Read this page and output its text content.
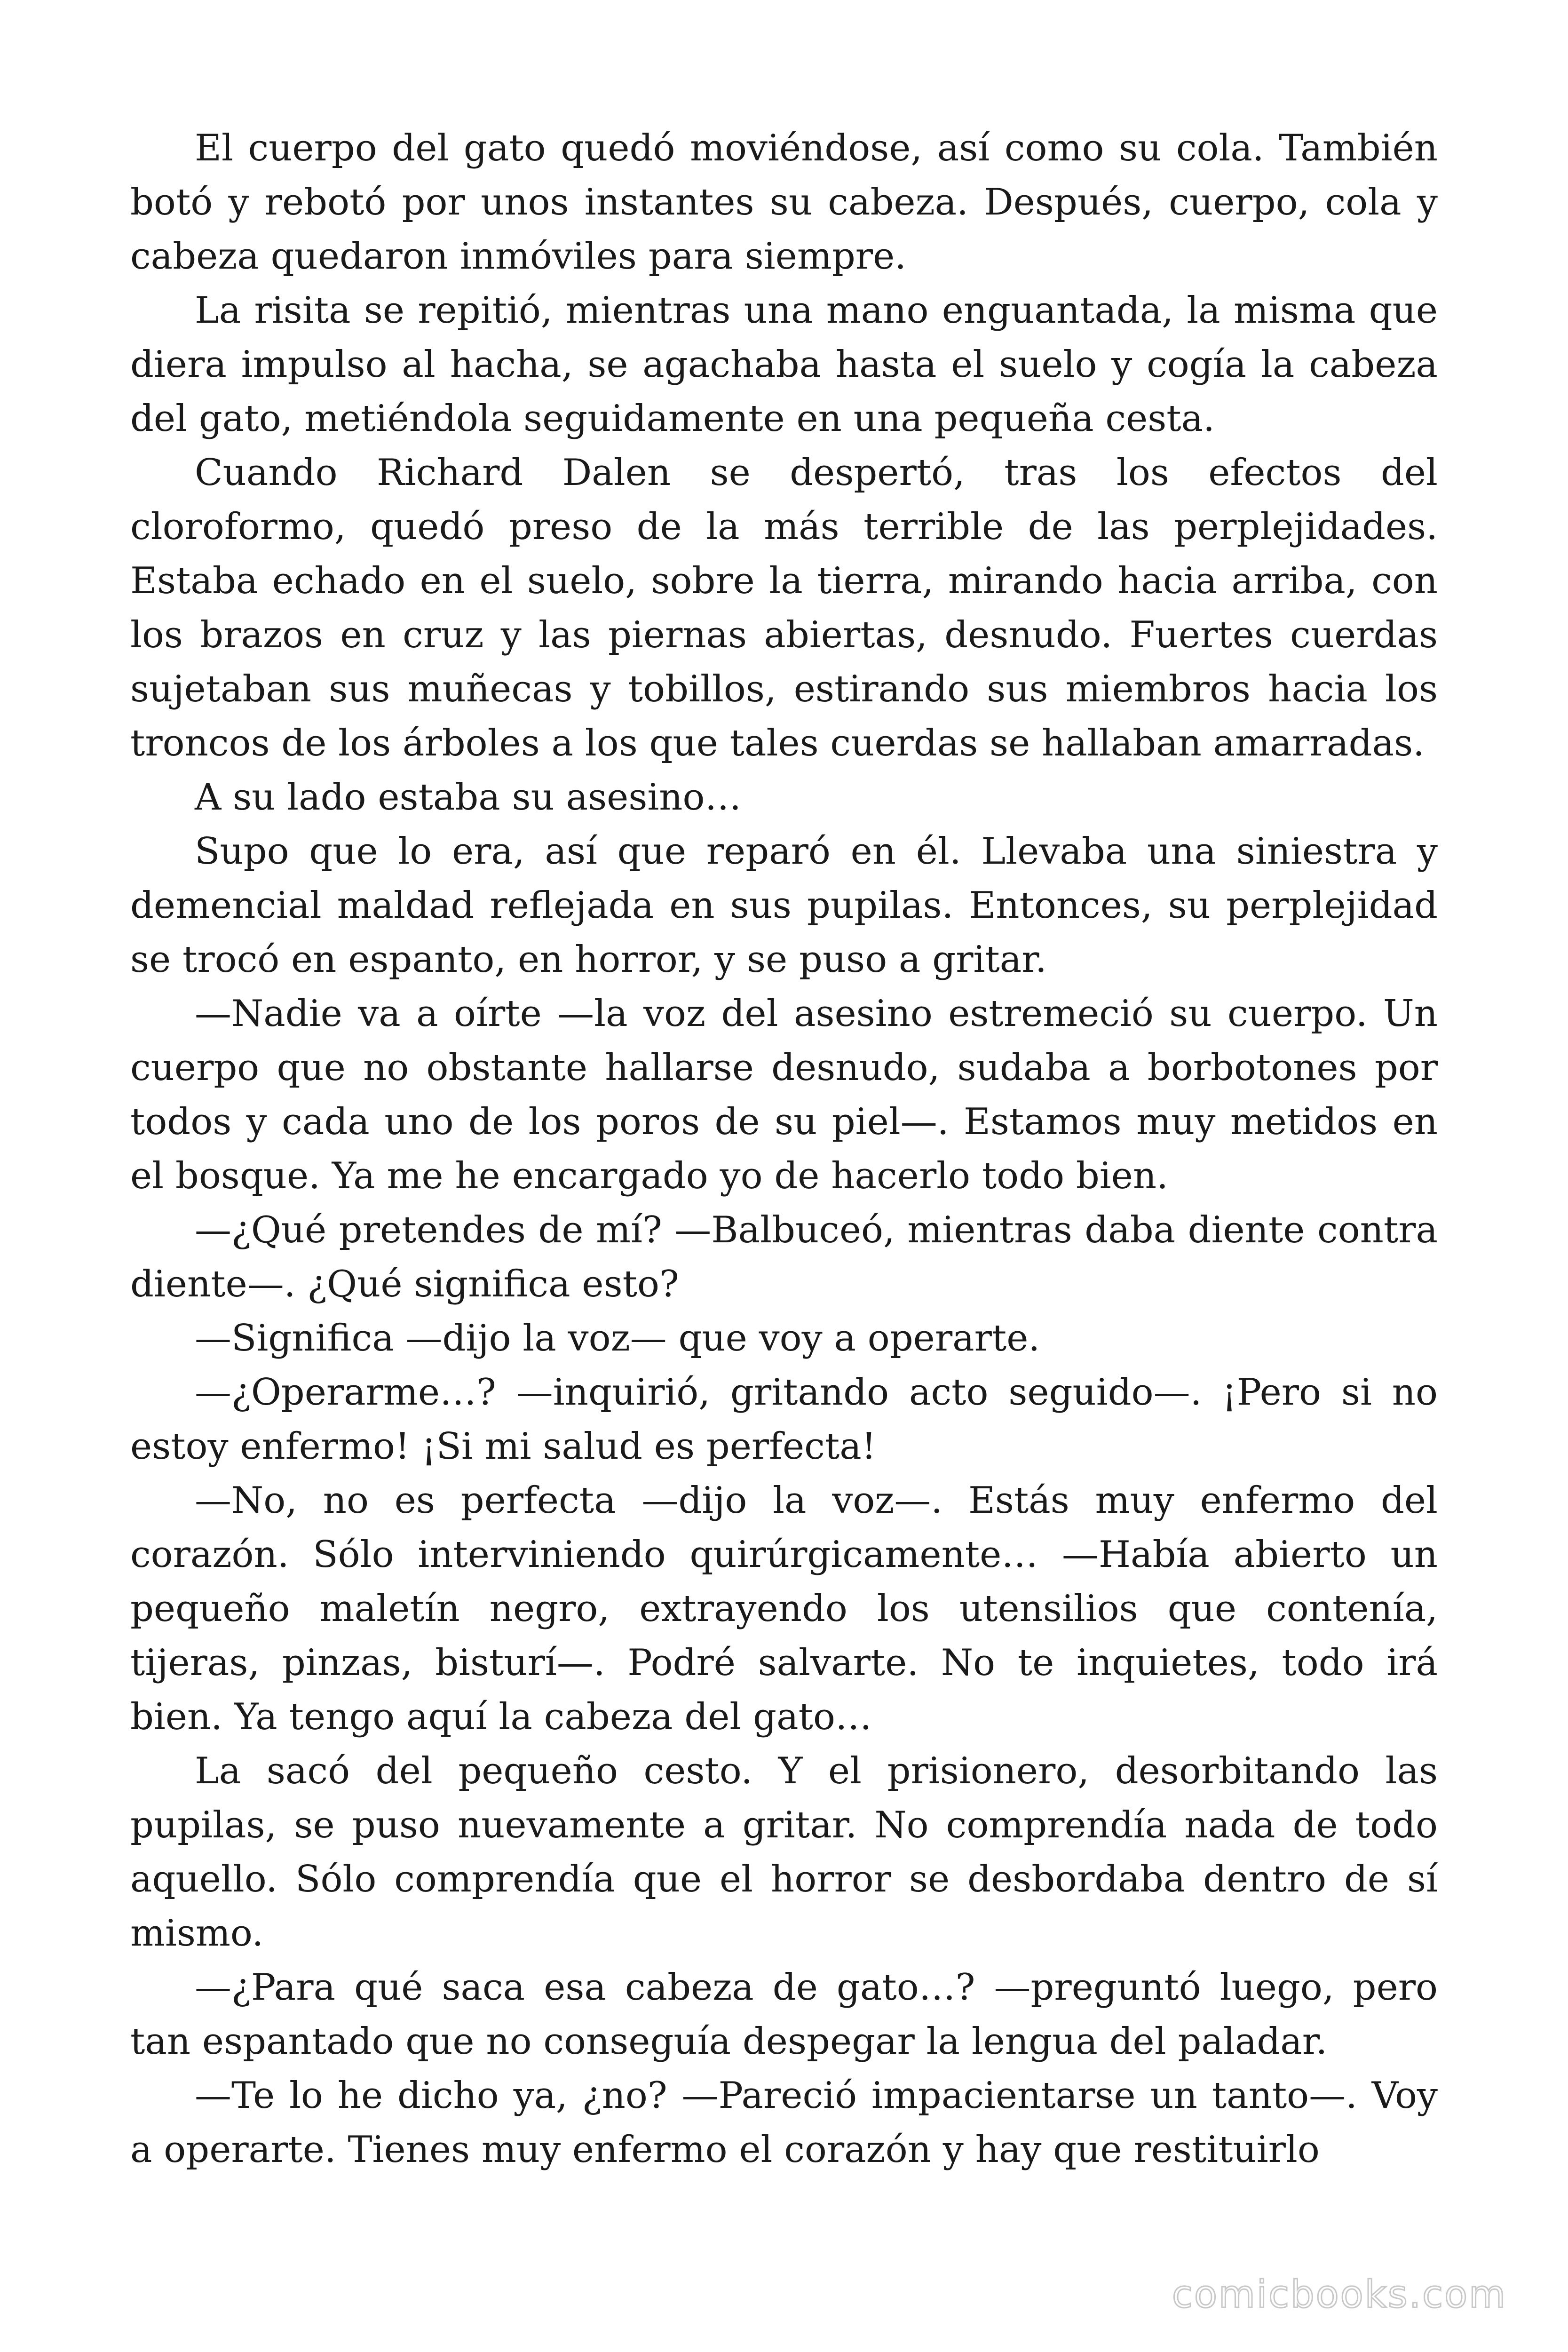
El cuerpo del gato quedó moviéndose, así como su cola. También botó y rebotó por unos instantes su cabeza. Después, cuerpo, cola y cabeza quedaron inmóviles para siempre.

La risita se repitió, mientras una mano enguantada, la misma que diera impulso al hacha, se agachaba hasta el suelo y cogía la cabeza del gato, metiéndola seguidamente en una pequeña cesta.

Cuando Richard Dalen se despertó, tras los efectos del cloroformo, quedó preso de la más terrible de las perplejidades. Estaba echado en el suelo, sobre la tierra, mirando hacia arriba, con los brazos en cruz y las piernas abiertas, desnudo. Fuertes cuerdas sujetaban sus muñecas y tobillos, estirando sus miembros hacia los troncos de los árboles a los que tales cuerdas se hallaban amarradas.

A su lado estaba su asesino…

Supo que lo era, así que reparó en él. Llevaba una siniestra y demencial maldad reflejada en sus pupilas. Entonces, su perplejidad se trocó en espanto, en horror, y se puso a gritar.

—Nadie va a oírte —la voz del asesino estremeció su cuerpo. Un cuerpo que no obstante hallarse desnudo, sudaba a borbotones por todos y cada uno de los poros de su piel—. Estamos muy metidos en el bosque. Ya me he encargado yo de hacerlo todo bien.

—¿Qué pretendes de mí? —Balbuceó, mientras daba diente contra diente—. ¿Qué significa esto?

—Significa —dijo la voz— que voy a operarte.

—¿Operarme…? —inquirió, gritando acto seguido—. ¡Pero si no estoy enfermo! ¡Si mi salud es perfecta!

—No, no es perfecta —dijo la voz—. Estás muy enfermo del corazón. Sólo interviniendo quirúrgicamente… —Había abierto un pequeño maletín negro, extrayendo los utensilios que contenía, tijeras, pinzas, bisturí—. Podré salvarte. No te inquietes, todo irá bien. Ya tengo aquí la cabeza del gato…

La sacó del pequeño cesto. Y el prisionero, desorbitando las pupilas, se puso nuevamente a gritar. No comprendía nada de todo aquello. Sólo comprendía que el horror se desbordaba dentro de sí mismo.

—¿Para qué saca esa cabeza de gato…? —preguntó luego, pero tan espantado que no conseguía despegar la lengua del paladar.

—Te lo he dicho ya, ¿no? —Pareció impacientarse un tanto—. Voy a operarte. Tienes muy enfermo el corazón y hay que restituirlo

comicbooks.com
